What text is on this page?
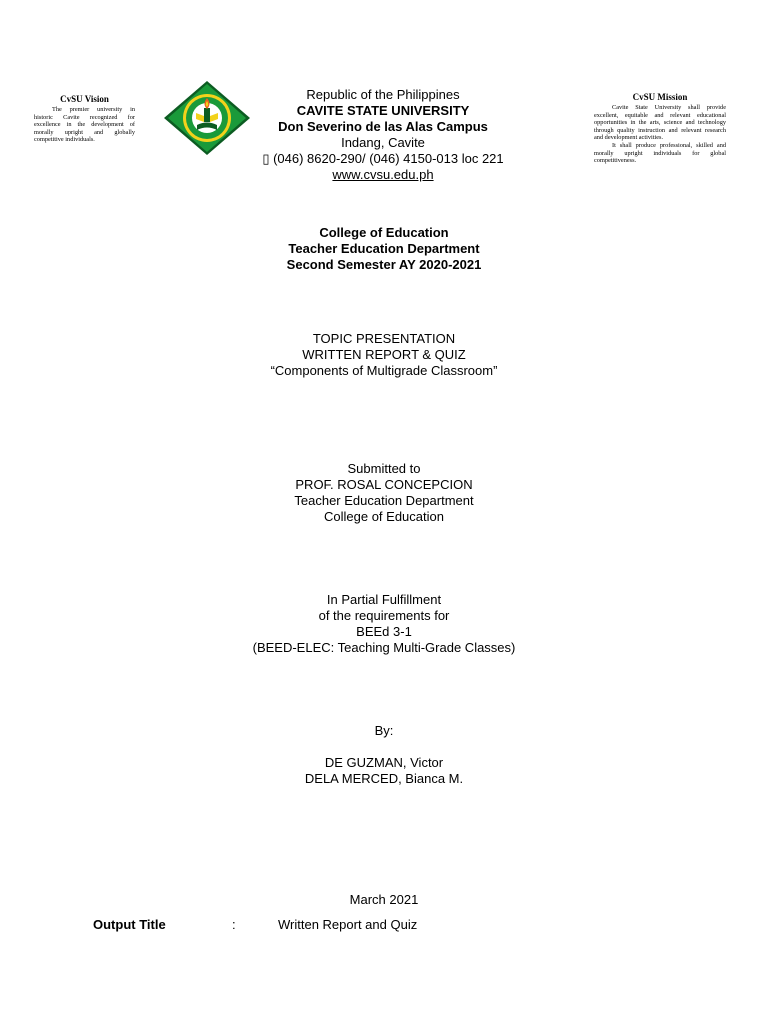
CvSU Vision

The premier university in historic Cavite recognized for excellence in the development of morally upright and globally competitive individuals.

Republic of the Philippines
CAVITE STATE UNIVERSITY
Don Severino de las Alas Campus
Indang, Cavite
▯ (046) 8620-290/ (046) 4150-013 loc 221
www.cvsu.edu.ph
CvSU Mission

Cavite State University shall provide excellent, equitable and relevant educational opportunities in the arts, science and technology through quality instruction and relevant research and development activities.

It shall produce professional, skilled and morally upright individuals for global competitiveness.

College of Education
Teacher Education Department
Second Semester AY 2020-2021
TOPIC PRESENTATION
WRITTEN REPORT & QUIZ
“Components of Multigrade Classroom”
Submitted to
PROF. ROSAL CONCEPCION
Teacher Education Department
College of Education
In Partial Fulfillment
of the requirements for
BEEd 3-1
(BEED-ELEC: Teaching Multi-Grade Classes)
By:
DE GUZMAN, Victor
DELA MERCED, Bianca M.
March 2021
Output Title	:	Written Report and Quiz
